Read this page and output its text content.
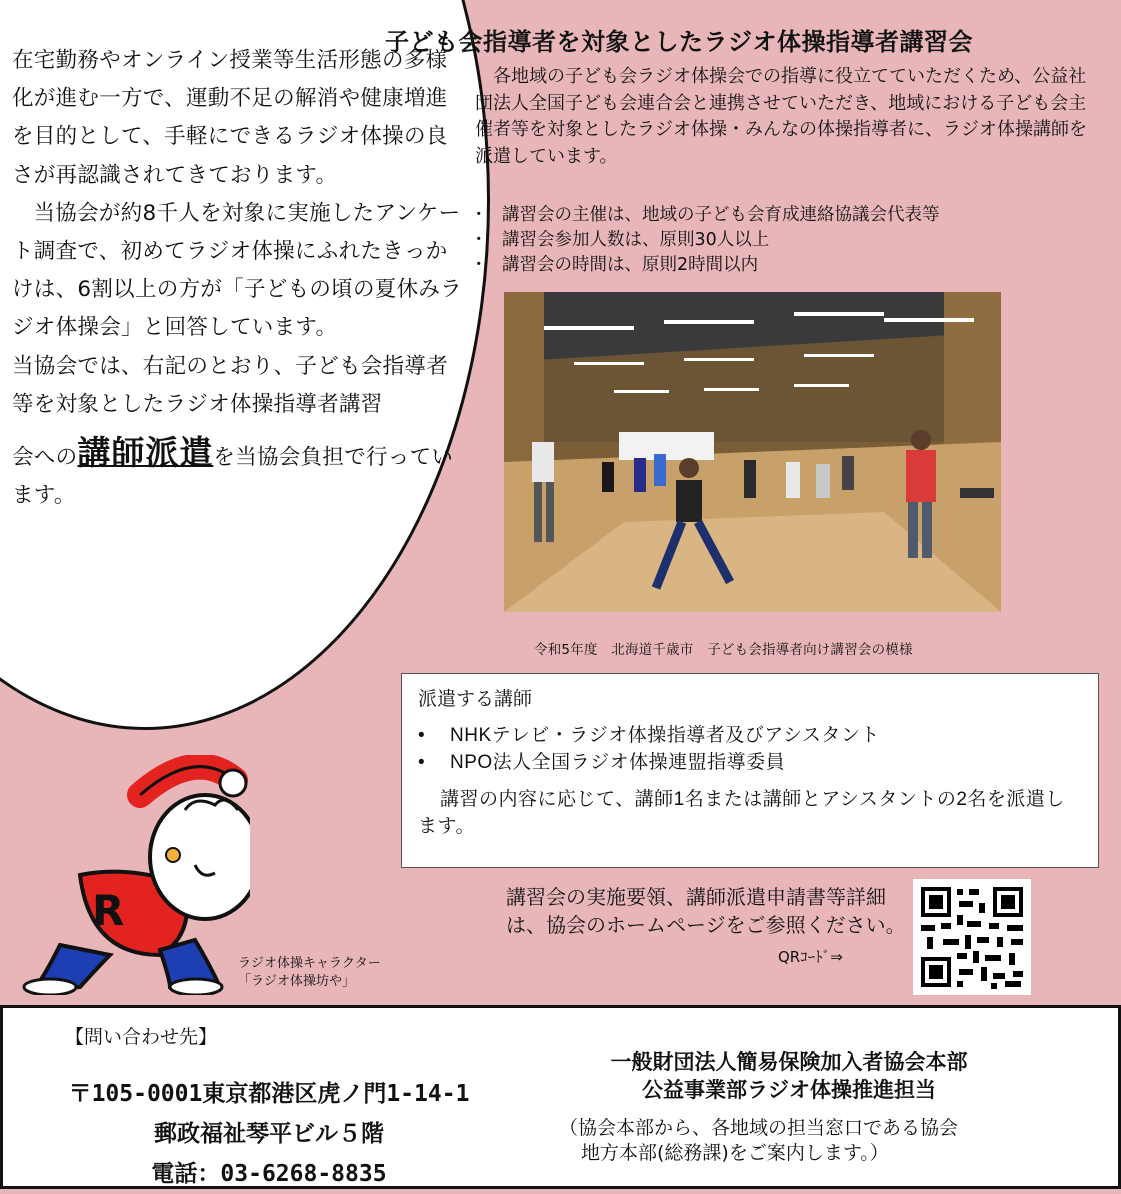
在宅勤務やオンライン授業等生活形態の多様化が進む一方で、運動不足の解消や健康増進を目的として、手軽にできるラジオ体操の良さが再認識されてきております。

当協会が約8千人を対象に実施したアンケート調査で、初めてラジオ体操にふれたきっかけは、6割以上の方が「子どもの頃の夏休みラジオ体操会」と回答しています。

当協会では、右記のとおり、子ども会指導者等を対象としたラジオ体操指導者講習

会への講師派遣を当協会負担で行っています。

子ども会指導者を対象としたラジオ体操指導者講習会

各地域の子ども会ラジオ体操会での指導に役立てていただくため、公益社団法人全国子ども会連合会と連携させていただき、地域における子ども会主催者等を対象としたラジオ体操・みんなの体操指導者に、ラジオ体操講師を派遣しています。

・ 講習会の主催は、地域の子ども会育成連絡協議会代表等
・ 講習会参加人数は、原則30人以上
・ 講習会の時間は、原則2時間以内
令和5年度　北海道千歳市　子ども会指導者向け講習会の模様
派遣する講師
• NHKテレビ・ラジオ体操指導者及びアシスタント
• NPO法人全国ラジオ体操連盟指導委員

講習の内容に応じて、講師1名または講師とアシスタントの2名を派遣します。

講習会の実施要領、講師派遣申請書等詳細は、協会のホームページをご参照ください。

QRｺｰﾄﾞ⇒
R
ラジオ体操キャラクター
「ラジオ体操坊や」
【問い合わせ先】
〒105-0001東京都港区虎ノ門1-14-1
郵政福祉琴平ビル５階
電話：03-6268-8835
一般財団法人簡易保険加入者協会本部
公益事業部ラジオ体操推進担当
（協会本部から、各地域の担当窓口である協会
地方本部(総務課)をご案内します。）
